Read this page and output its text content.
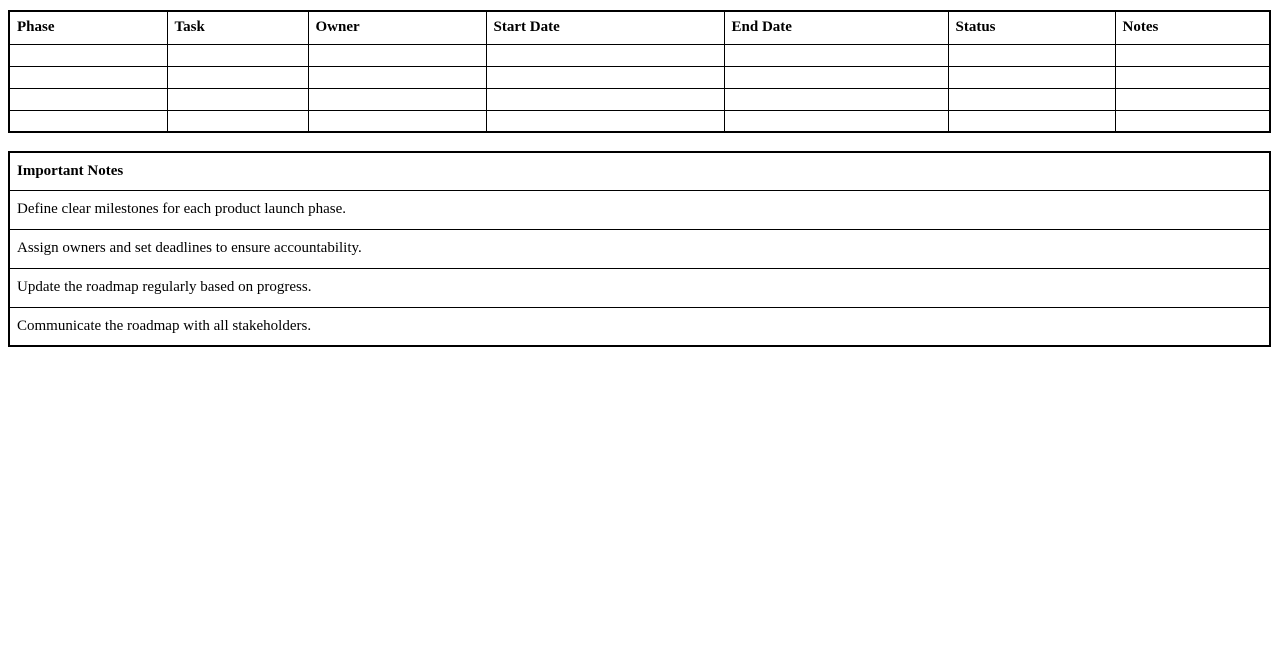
Phase	Task	Owner	Start Date	End Date	Status	Notes

Important Notes
Define clear milestones for each product launch phase.
Assign owners and set deadlines to ensure accountability.
Update the roadmap regularly based on progress.
Communicate the roadmap with all stakeholders.
